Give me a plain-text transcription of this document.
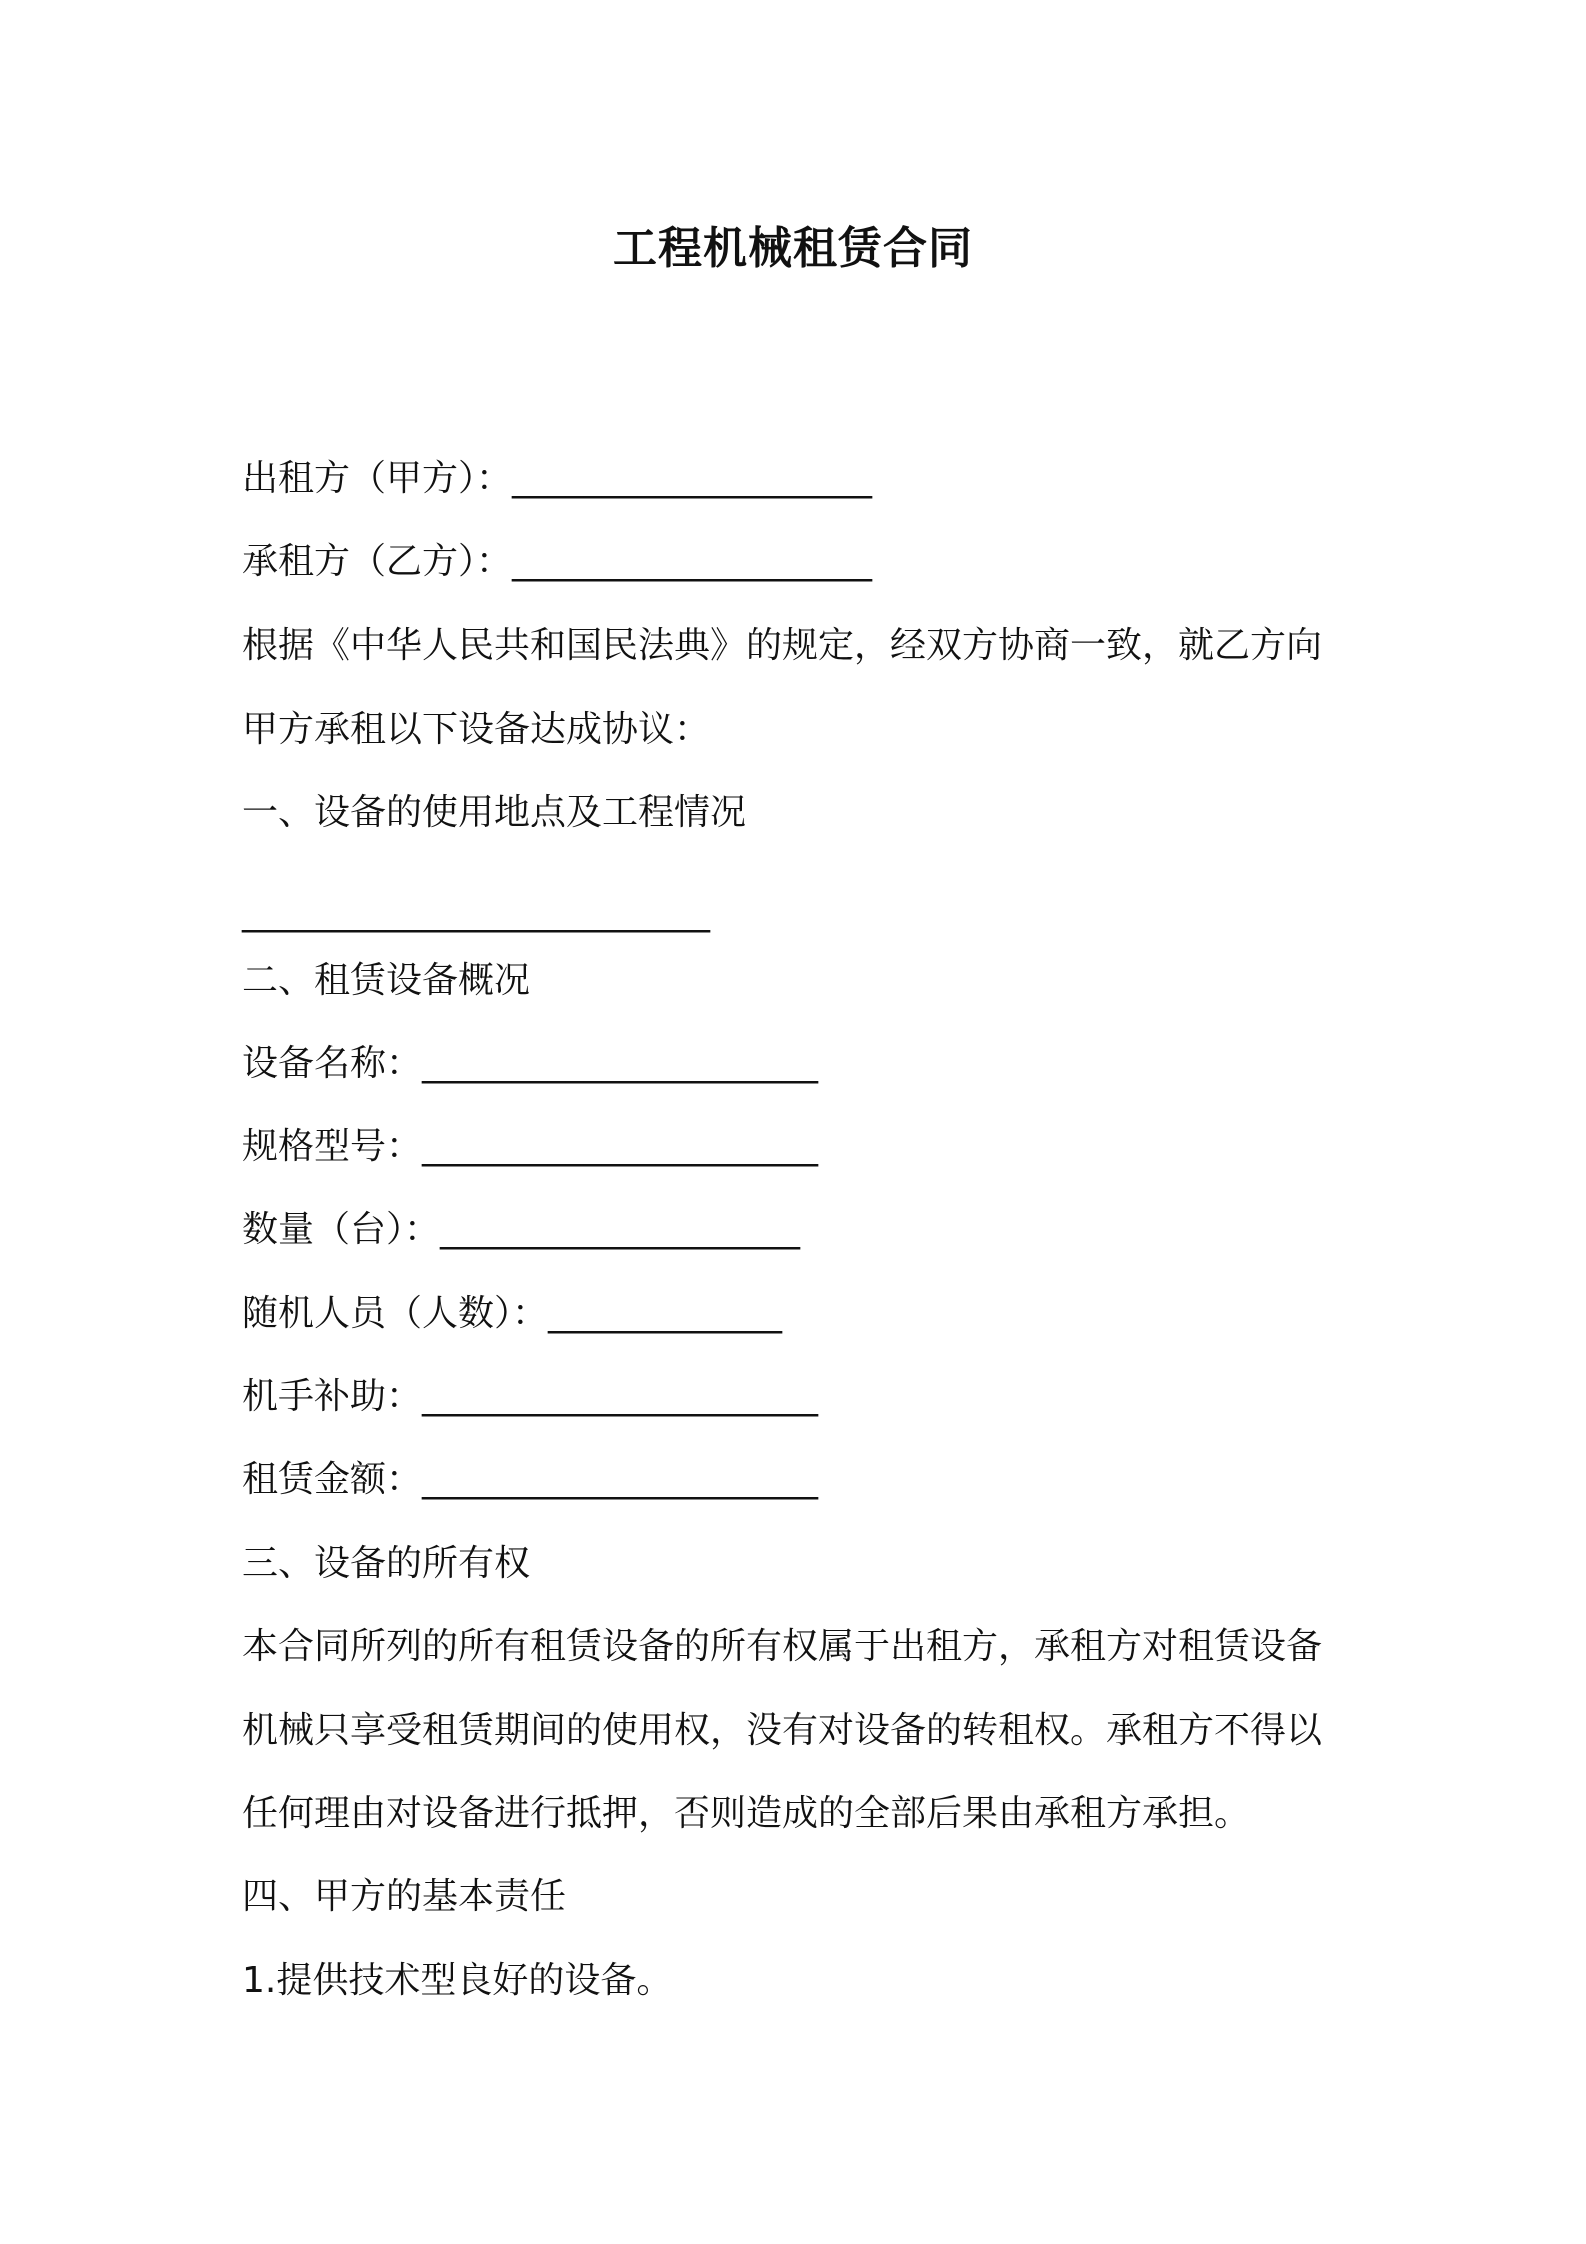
工程机械租赁合同
出租方（甲方）：____________________
承租方（乙方）：____________________
根据《中华人民共和国民法典》的规定，经双方协商一致，就乙方向
甲方承租以下设备达成协议：
一、设备的使用地点及工程情况
__________________________
二、租赁设备概况
设备名称：______________________
规格型号：______________________
数量（台）：____________________
随机人员（人数）：_____________
机手补助：______________________
租赁金额：______________________
三、设备的所有权
本合同所列的所有租赁设备的所有权属于出租方，承租方对租赁设备
机械只享受租赁期间的使用权，没有对设备的转租权。承租方不得以
任何理由对设备进行抵押，否则造成的全部后果由承租方承担。
四、甲方的基本责任
1.提供技术型良好的设备。
